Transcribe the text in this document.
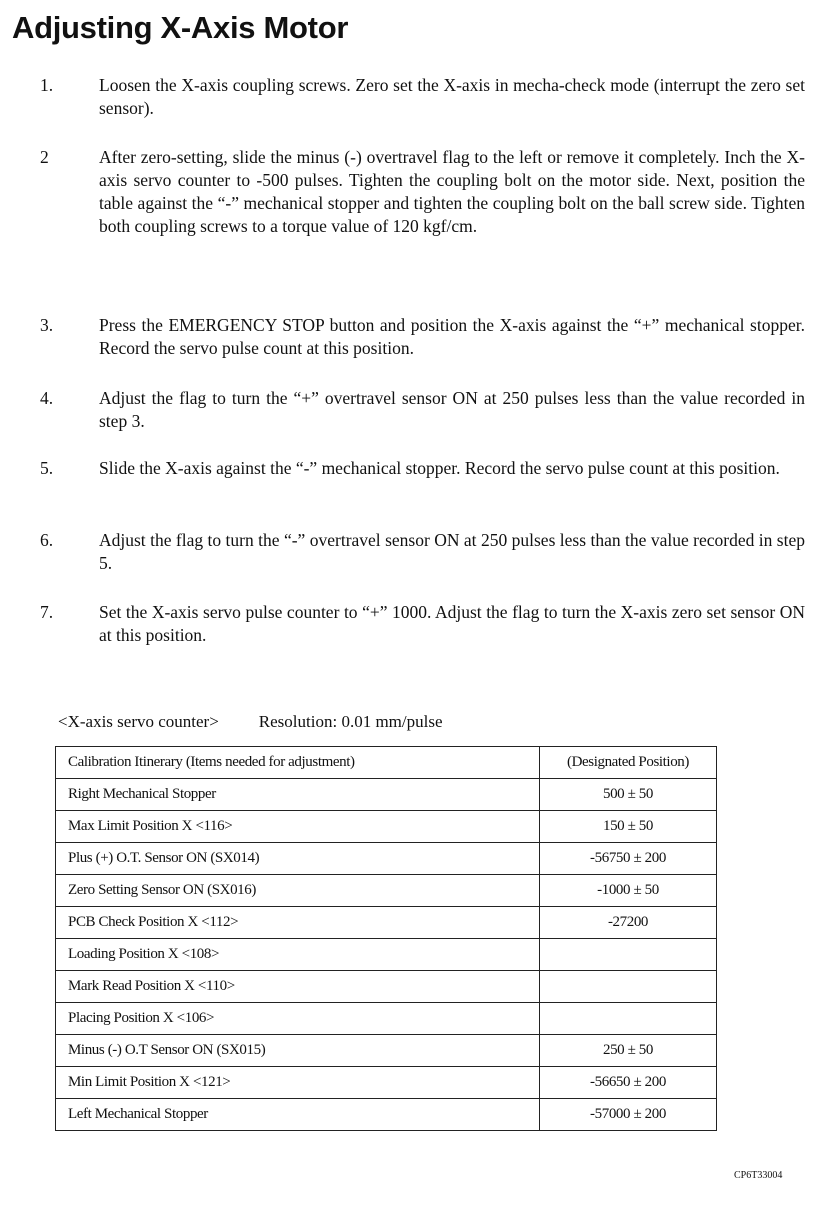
Adjusting X-Axis Motor
1.	Loosen the X-axis coupling screws. Zero set the X-axis in mecha-check mode (interrupt the zero set sensor).
2	After zero-setting, slide the minus (-) overtravel flag to the left or remove it completely. Inch the X-axis servo counter to -500 pulses. Tighten the coupling bolt on the motor side. Next, position the table against the “-” mechanical stopper and tighten the coupling bolt on the ball screw side. Tighten both coupling screws to a torque value of 120 kgf/cm.
3.	Press the EMERGENCY STOP button and position the X-axis against the “+” mechanical stopper. Record the servo pulse count at this position.
4.	Adjust the flag to turn the “+” overtravel sensor ON at 250 pulses less than the value recorded in step 3.
5.	Slide the X-axis against the “-” mechanical stopper. Record the servo pulse count at this position.
6.	Adjust the flag to turn the “-” overtravel sensor ON at 250 pulses less than the value recorded in step 5.
7.	Set the X-axis servo pulse counter to “+” 1000. Adjust the flag to turn the X-axis zero set sensor ON at this position.
<X-axis servo counter> Resolution: 0.01 mm/pulse
Calibration Itinerary (Items needed for adjustment)	(Designated Position)
Right Mechanical Stopper	500 ± 50
Max Limit Position X <116>	150 ± 50
Plus (+) O.T. Sensor ON (SX014)	-56750 ± 200
Zero Setting Sensor ON (SX016)	-1000 ± 50
PCB Check Position X <112>	-27200
Loading Position X <108>	
Mark Read Position X <110>	
Placing Position X <106>	
Minus (-) O.T Sensor ON (SX015)	250 ± 50
Min Limit Position X <121>	-56650 ± 200
Left Mechanical Stopper	-57000 ± 200
CP6T33004
